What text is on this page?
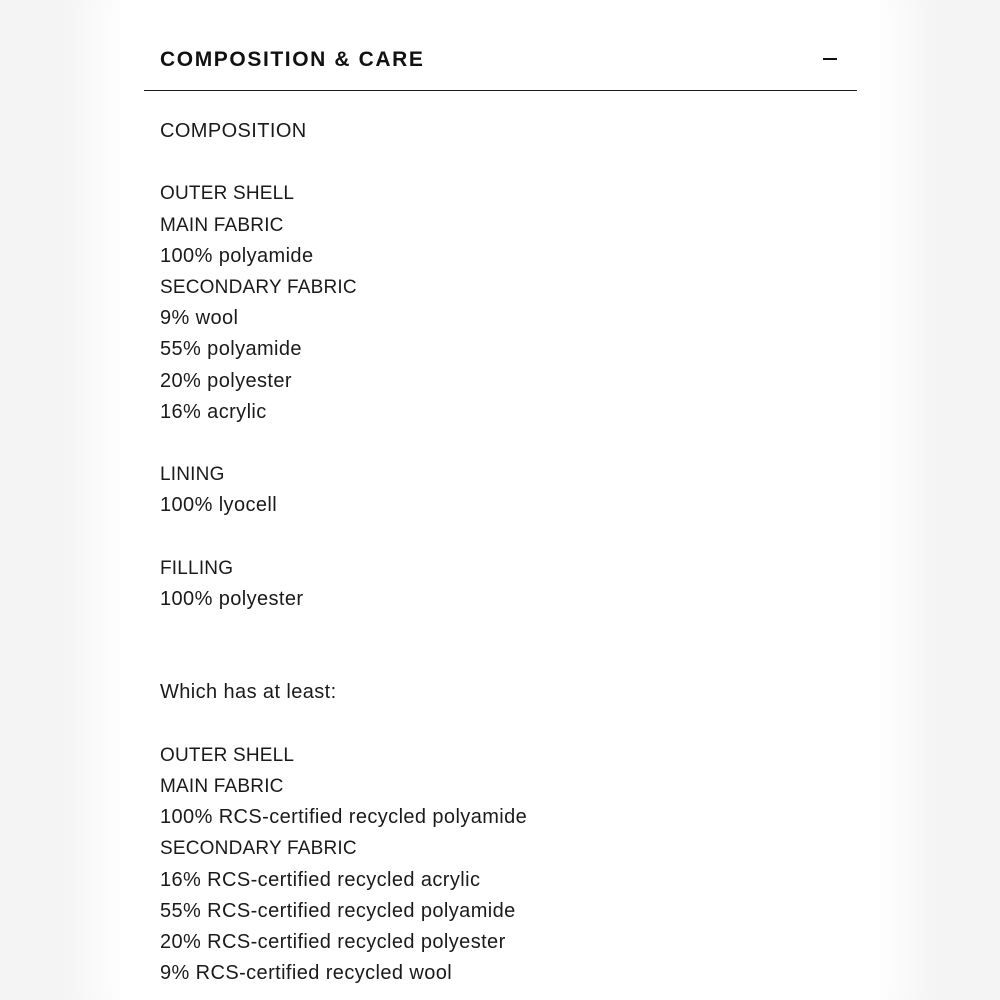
COMPOSITION & CARE
COMPOSITION
OUTER SHELL
MAIN FABRIC
100% polyamide
SECONDARY FABRIC
9% wool
55% polyamide
20% polyester
16% acrylic
LINING
100% lyocell
FILLING
100% polyester
Which has at least:
OUTER SHELL
MAIN FABRIC
100% RCS-certified recycled polyamide
SECONDARY FABRIC
16% RCS-certified recycled acrylic
55% RCS-certified recycled polyamide
20% RCS-certified recycled polyester
9% RCS-certified recycled wool
